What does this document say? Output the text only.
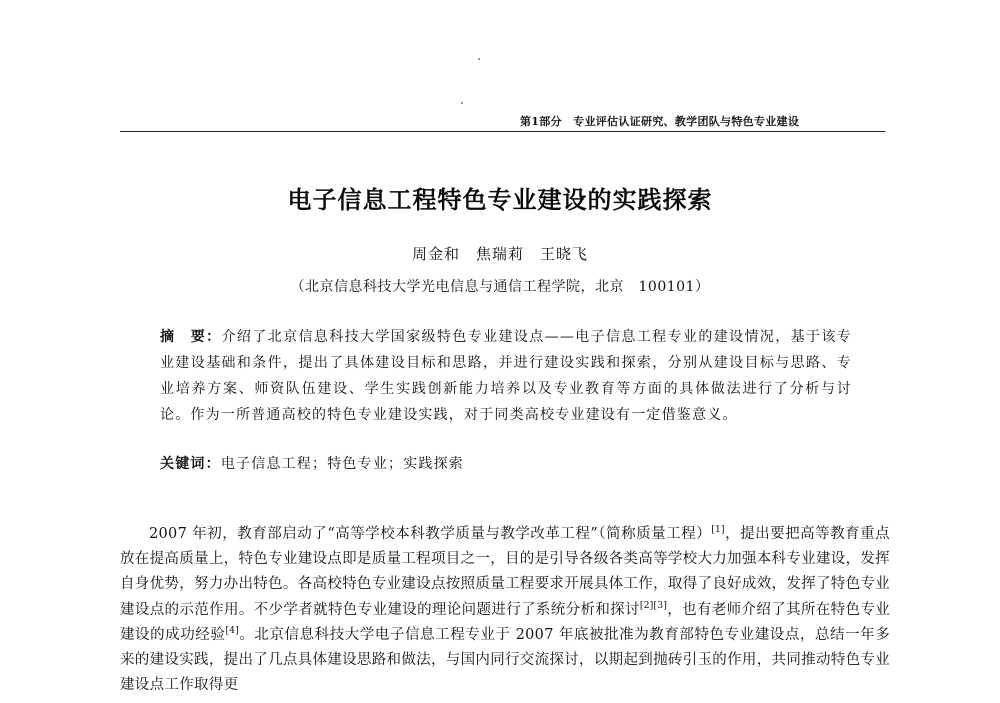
第1部分　专业评估认证研究、教学团队与特色专业建设
电子信息工程特色专业建设的实践探索
周金和　焦瑞莉　王晓飞
（北京信息科技大学光电信息与通信工程学院，北京　100101）
摘　要：介绍了北京信息科技大学国家级特色专业建设点——电子信息工程专业的建设情况，基于该专业建设基础和条件，提出了具体建设目标和思路，并进行建设实践和探索，分别从建设目标与思路、专业培养方案、师资队伍建设、学生实践创新能力培养以及专业教育等方面的具体做法进行了分析与讨论。作为一所普通高校的特色专业建设实践，对于同类高校专业建设有一定借鉴意义。
关键词：电子信息工程；特色专业；实践探索
2007 年初，教育部启动了“高等学校本科教学质量与教学改革工程”（简称质量工程）[1]，提出要把高等教育重点放在提高质量上，特色专业建设点即是质量工程项目之一，目的是引导各级各类高等学校大力加强本科专业建设，发挥自身优势，努力办出特色。各高校特色专业建设点按照质量工程要求开展具体工作，取得了良好成效，发挥了特色专业建设点的示范作用。不少学者就特色专业建设的理论问题进行了系统分析和探讨[2][3]，也有老师介绍了其所在特色专业建设的成功经验[4]。北京信息科技大学电子信息工程专业于 2007 年底被批准为教育部特色专业建设点，总结一年多来的建设实践，提出了几点具体建设思路和做法，与国内同行交流探讨，以期起到抛砖引玉的作用，共同推动特色专业建设点工作取得更
